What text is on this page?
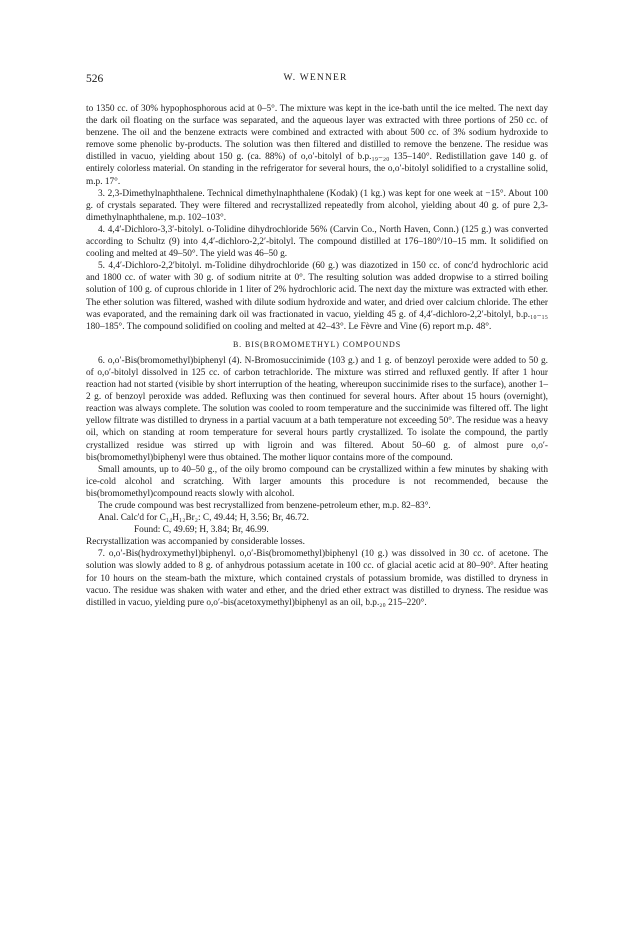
526	W. WENNER

to 1350 cc. of 30% hypophosphorous acid at 0–5°. The mixture was kept in the ice-bath until the ice melted. The next day the dark oil floating on the surface was separated, and the aqueous layer was extracted with three portions of 250 cc. of benzene. The oil and the benzene extracts were combined and extracted with about 500 cc. of 3% sodium hydroxide to remove some phenolic by-products. The solution was then filtered and distilled to remove the benzene. The residue was distilled in vacuo, yielding about 150 g. (ca. 88%) of o,o′-bitolyl of b.p.₁₉₋₂₀ 135–140°. Redistillation gave 140 g. of entirely colorless material. On standing in the refrigerator for several hours, the o,o′-bitolyl solidified to a crystalline solid, m.p. 17°.

3. 2,3-Dimethylnaphthalene. Technical dimethylnaphthalene (Kodak) (1 kg.) was kept for one week at −15°. About 100 g. of crystals separated. They were filtered and recrystallized repeatedly from alcohol, yielding about 40 g. of pure 2,3-dimethylnaphthalene, m.p. 102–103°.

4. 4,4′-Dichloro-3,3′-bitolyl. o-Tolidine dihydrochloride 56% (Carvin Co., North Haven, Conn.) (125 g.) was converted according to Schultz (9) into 4,4′-dichloro-2,2′-bitolyl. The compound distilled at 176–180°/10–15 mm. It solidified on cooling and melted at 49–50°. The yield was 46–50 g.

5. 4,4′-Dichloro-2,2′bitolyl. m-Tolidine dihydrochloride (60 g.) was diazotized in 150 cc. of conc'd hydrochloric acid and 1800 cc. of water with 30 g. of sodium nitrite at 0°. The resulting solution was added dropwise to a stirred boiling solution of 100 g. of cuprous chloride in 1 liter of 2% hydrochloric acid. The next day the mixture was extracted with ether. The ether solution was filtered, washed with dilute sodium hydroxide and water, and dried over calcium chloride. The ether was evaporated, and the remaining dark oil was fractionated in vacuo, yielding 45 g. of 4,4′-dichloro-2,2′-bitolyl, b.p.₁₀₋₁₅ 180–185°. The compound solidified on cooling and melted at 42–43°. Le Fèvre and Vine (6) report m.p. 48°.

B. BIS(BROMOMETHYL) COMPOUNDS

6. o,o′-Bis(bromomethyl)biphenyl (4). N-Bromosuccinimide (103 g.) and 1 g. of benzoyl peroxide were added to 50 g. of o,o′-bitolyl dissolved in 125 cc. of carbon tetrachloride. The mixture was stirred and refluxed gently. If after 1 hour reaction had not started (visible by short interruption of the heating, whereupon succinimide rises to the surface), another 1–2 g. of benzoyl peroxide was added. Refluxing was then continued for several hours. After about 15 hours (overnight), reaction was always complete. The solution was cooled to room temperature and the succinimide was filtered off. The light yellow filtrate was distilled to dryness in a partial vacuum at a bath temperature not exceeding 50°. The residue was a heavy oil, which on standing at room temperature for several hours partly crystallized. To isolate the compound, the partly crystallized residue was stirred up with ligroin and was filtered. About 50–60 g. of almost pure o,o′-bis(bromomethyl)biphenyl were thus obtained. The mother liquor contains more of the compound.

Small amounts, up to 40–50 g., of the oily bromo compound can be crystallized within a few minutes by shaking with ice-cold alcohol and scratching. With larger amounts this procedure is not recommended, because the bis(bromomethyl)compound reacts slowly with alcohol.

The crude compound was best recrystallized from benzene-petroleum ether, m.p. 82–83°.

Anal. Calc'd for C₁₄H₁₂Br₂: C, 49.44; H, 3.56; Br, 46.72.

Found: C, 49.69; H, 3.84; Br, 46.99.

Recrystallization was accompanied by considerable losses.

7. o,o′-Bis(hydroxymethyl)biphenyl. o,o′-Bis(bromomethyl)biphenyl (10 g.) was dissolved in 30 cc. of acetone. The solution was slowly added to 8 g. of anhydrous potassium acetate in 100 cc. of glacial acetic acid at 80–90°. After heating for 10 hours on the steam-bath the mixture, which contained crystals of potassium bromide, was distilled to dryness in vacuo. The residue was shaken with water and ether, and the dried ether extract was distilled to dryness. The residue was distilled in vacuo, yielding pure o,o′-bis(acetoxymethyl)biphenyl as an oil, b.p.₂₀ 215–220°.
